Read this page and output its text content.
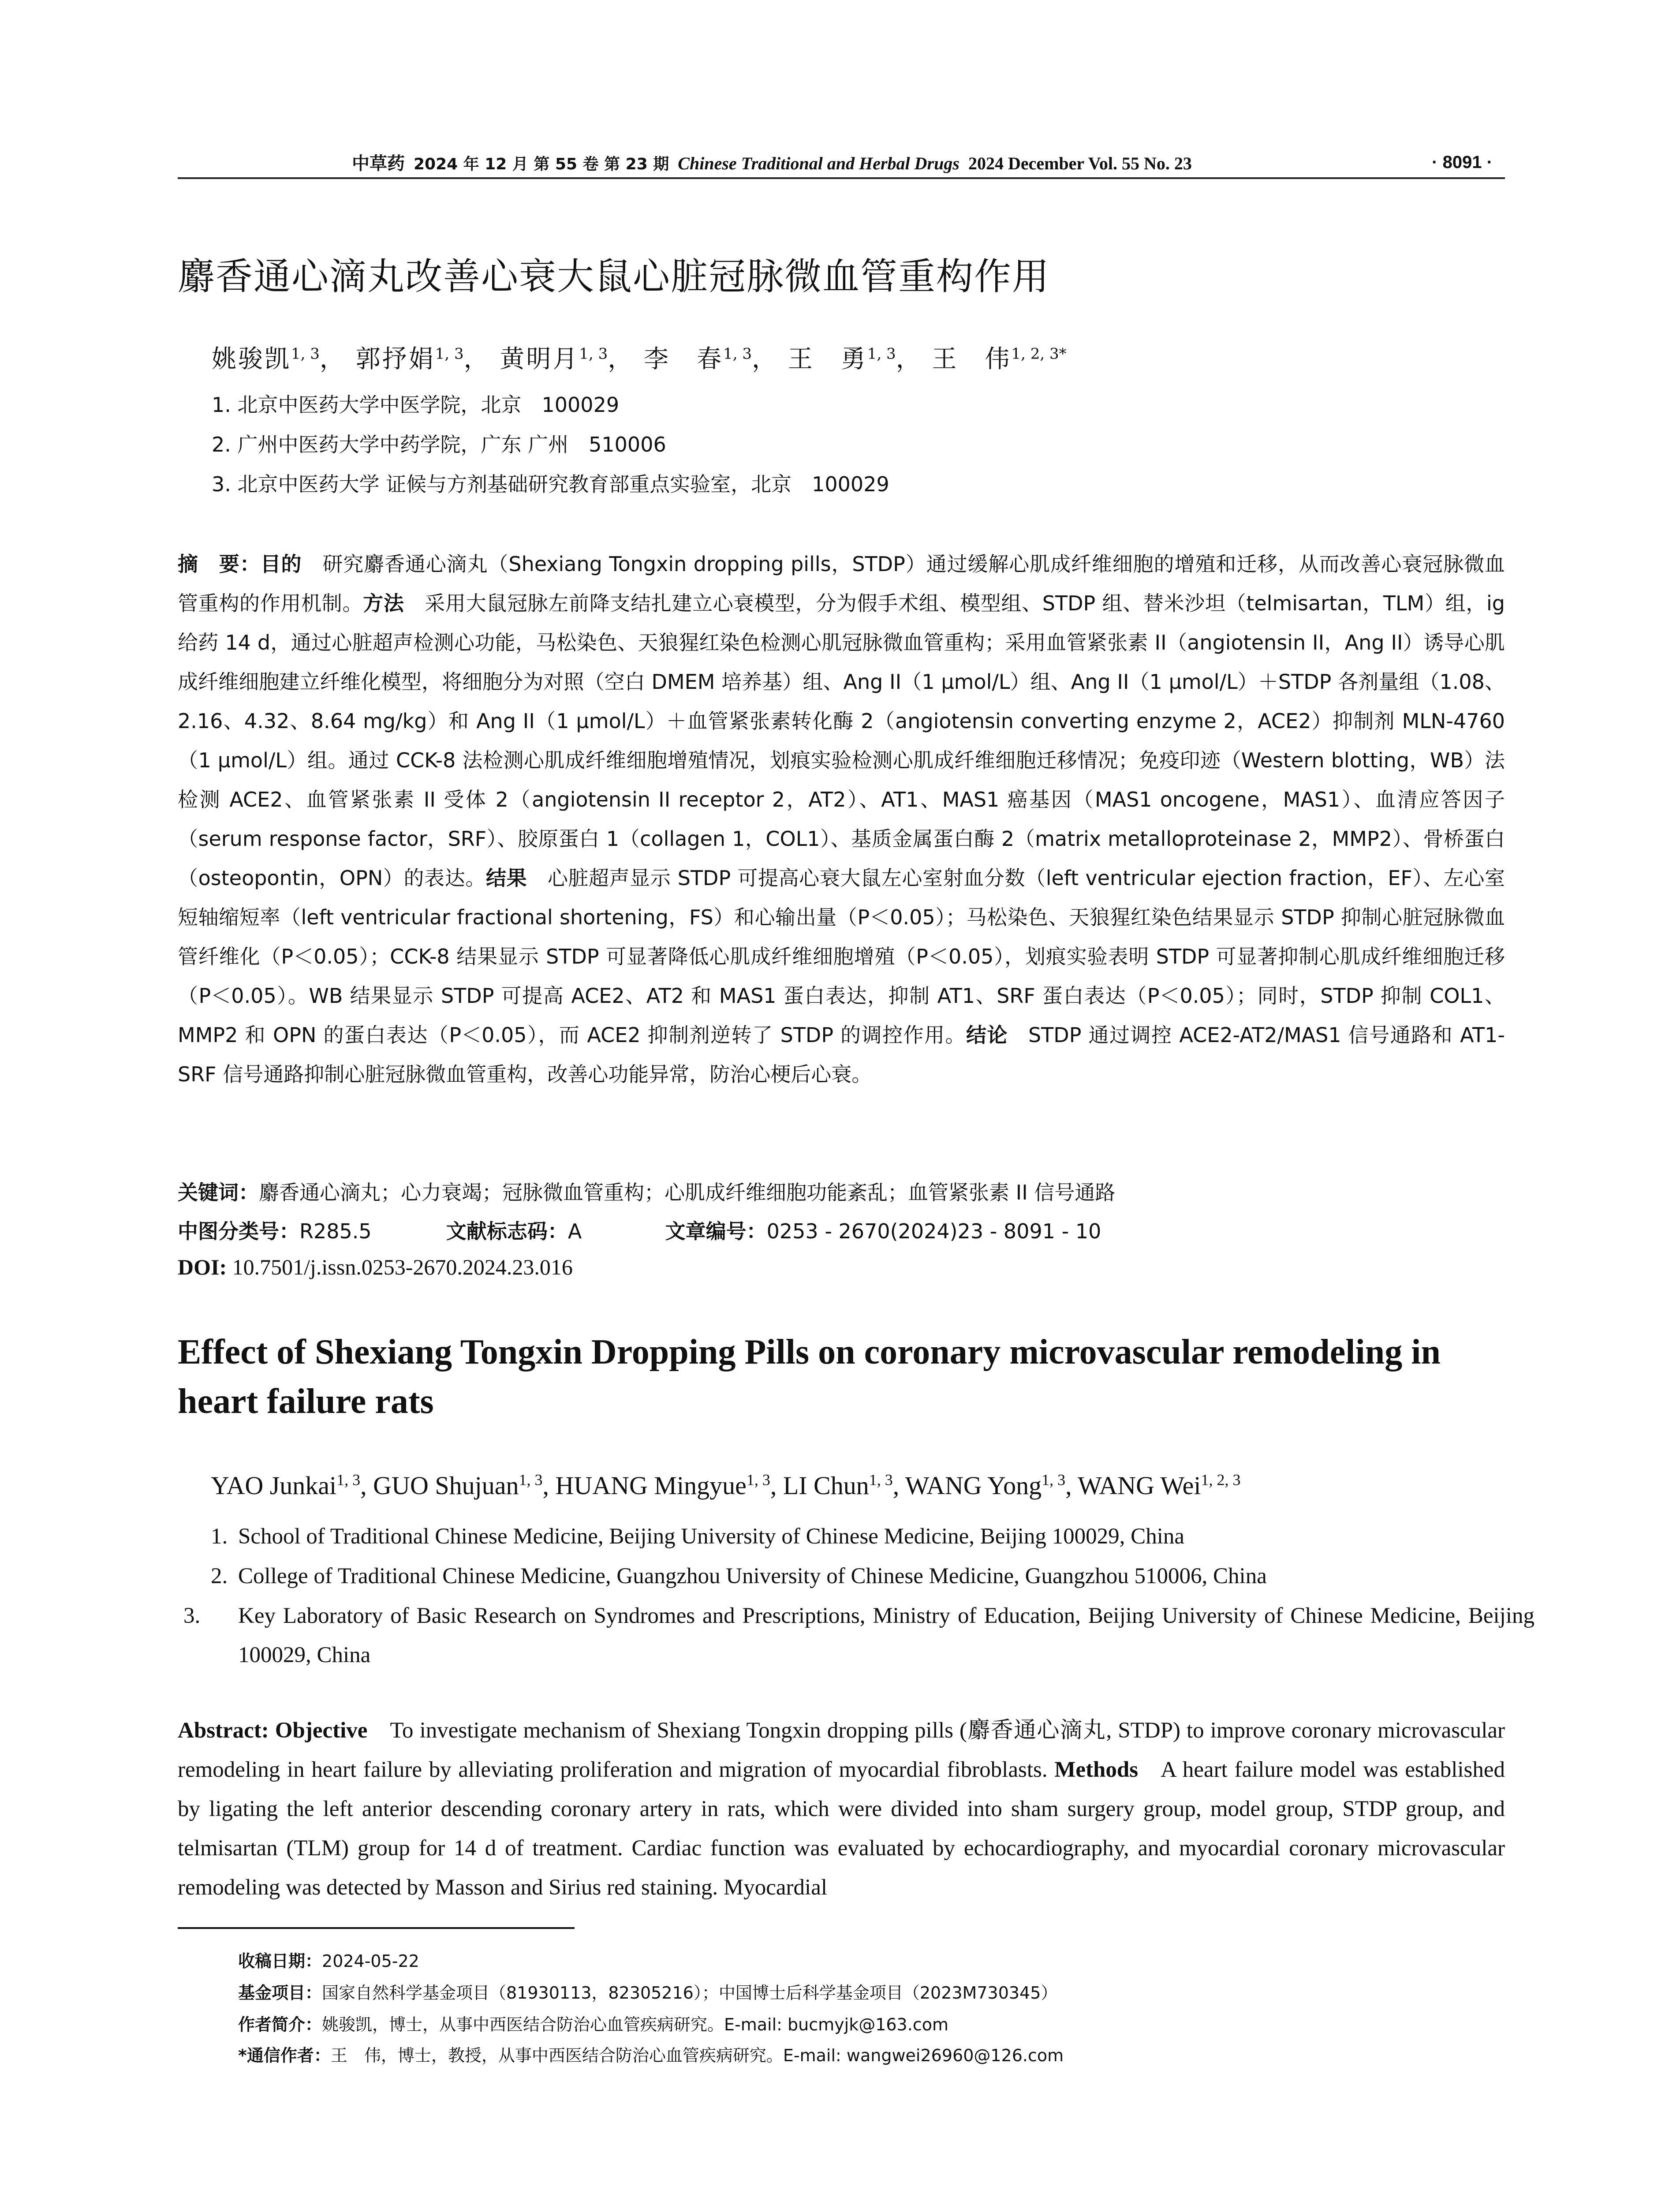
中草药 2024 年 12 月 第 55 卷 第 23 期 Chinese Traditional and Herbal Drugs 2024 December Vol. 55 No. 23	· 8091 ·
麝香通心滴丸改善心衰大鼠心脏冠脉微血管重构作用
姚骏凯$^{1, 3}$， 郭抒娟$^{1, 3}$， 黄明月$^{1, 3}$， 李　春$^{1, 3}$， 王　勇$^{1, 3}$， 王　伟$^{1, 2, 3*}$
1. 北京中医药大学中医学院，北京　100029
2. 广州中医药大学中药学院，广东 广州　510006
3. 北京中医药大学 证候与方剂基础研究教育部重点实验室，北京　100029
摘　要：目的  研究麝香通心滴丸（Shexiang Tongxin dropping pills，STDP）通过缓解心肌成纤维细胞的增殖和迁移，从而改善心衰冠脉微血管重构的作用机制。方法  采用大鼠冠脉左前降支结扎建立心衰模型，分为假手术组、模型组、STDP 组、替米沙坦（telmisartan，TLM）组，ig 给药 14 d，通过心脏超声检测心功能，马松染色、天狼猩红染色检测心肌冠脉微血管重构；采用血管紧张素 II（angiotensin II，Ang II）诱导心肌成纤维细胞建立纤维化模型，将细胞分为对照（空白 DMEM 培养基）组、Ang II（1 μmol/L）组、Ang II（1 μmol/L）＋STDP 各剂量组（1.08、2.16、4.32、8.64 mg/kg）和 Ang II（1 μmol/L）＋血管紧张素转化酶 2（angiotensin converting enzyme 2，ACE2）抑制剂 MLN-4760（1 μmol/L）组。通过 CCK-8 法检测心肌成纤维细胞增殖情况，划痕实验检测心肌成纤维细胞迁移情况；免疫印迹（Western blotting，WB）法检测 ACE2、血管紧张素 II 受体 2（angiotensin II receptor 2，AT2）、AT1、MAS1 癌基因（MAS1 oncogene，MAS1）、血清应答因子（serum response factor，SRF）、胶原蛋白 1（collagen 1，COL1）、基质金属蛋白酶 2（matrix metalloproteinase 2，MMP2）、骨桥蛋白（osteopontin，OPN）的表达。结果  心脏超声显示 STDP 可提高心衰大鼠左心室射血分数（left ventricular ejection fraction，EF）、左心室短轴缩短率（left ventricular fractional shortening，FS）和心输出量（P＜0.05）；马松染色、天狼猩红染色结果显示 STDP 抑制心脏冠脉微血管纤维化（P＜0.05）；CCK-8 结果显示 STDP 可显著降低心肌成纤维细胞增殖（P＜0.05），划痕实验表明 STDP 可显著抑制心肌成纤维细胞迁移（P＜0.05）。WB 结果显示 STDP 可提高 ACE2、AT2 和 MAS1 蛋白表达，抑制 AT1、SRF 蛋白表达（P＜0.05）；同时，STDP 抑制 COL1、MMP2 和 OPN 的蛋白表达（P＜0.05），而 ACE2 抑制剂逆转了 STDP 的调控作用。结论  STDP 通过调控 ACE2-AT2/MAS1 信号通路和 AT1-SRF 信号通路抑制心脏冠脉微血管重构，改善心功能异常，防治心梗后心衰。
关键词：麝香通心滴丸；心力衰竭；冠脉微血管重构；心肌成纤维细胞功能紊乱；血管紧张素 II 信号通路
中图分类号：R285.5	文献标志码：A	文章编号：0253 - 2670(2024)23 - 8091 - 10
DOI: 10.7501/j.issn.0253-2670.2024.23.016
Effect of Shexiang Tongxin Dropping Pills on coronary microvascular remodeling in heart failure rats
YAO Junkai$^{1, 3}$, GUO Shujuan$^{1, 3}$, HUANG Mingyue$^{1, 3}$, LI Chun$^{1, 3}$, WANG Yong$^{1, 3}$, WANG Wei$^{1, 2, 3}$
1. School of Traditional Chinese Medicine, Beijing University of Chinese Medicine, Beijing 100029, China
2. College of Traditional Chinese Medicine, Guangzhou University of Chinese Medicine, Guangzhou 510006, China
3. Key Laboratory of Basic Research on Syndromes and Prescriptions, Ministry of Education, Beijing University of Chinese Medicine, Beijing 100029, China
Abstract: Objective  To investigate mechanism of Shexiang Tongxin dropping pills (麝香通心滴丸, STDP) to improve coronary microvascular remodeling in heart failure by alleviating proliferation and migration of myocardial fibroblasts. Methods  A heart failure model was established by ligating the left anterior descending coronary artery in rats, which were divided into sham surgery group, model group, STDP group, and telmisartan (TLM) group for 14 d of treatment. Cardiac function was evaluated by echocardiography, and myocardial coronary microvascular remodeling was detected by Masson and Sirius red staining. Myocardial
收稿日期：2024-05-22
基金项目：国家自然科学基金项目（81930113，82305216）；中国博士后科学基金项目（2023M730345）
作者简介：姚骏凯，博士，从事中西医结合防治心血管疾病研究。E-mail: bucmyjk@163.com
*通信作者：王　伟，博士，教授，从事中西医结合防治心血管疾病研究。E-mail: wangwei26960@126.com
